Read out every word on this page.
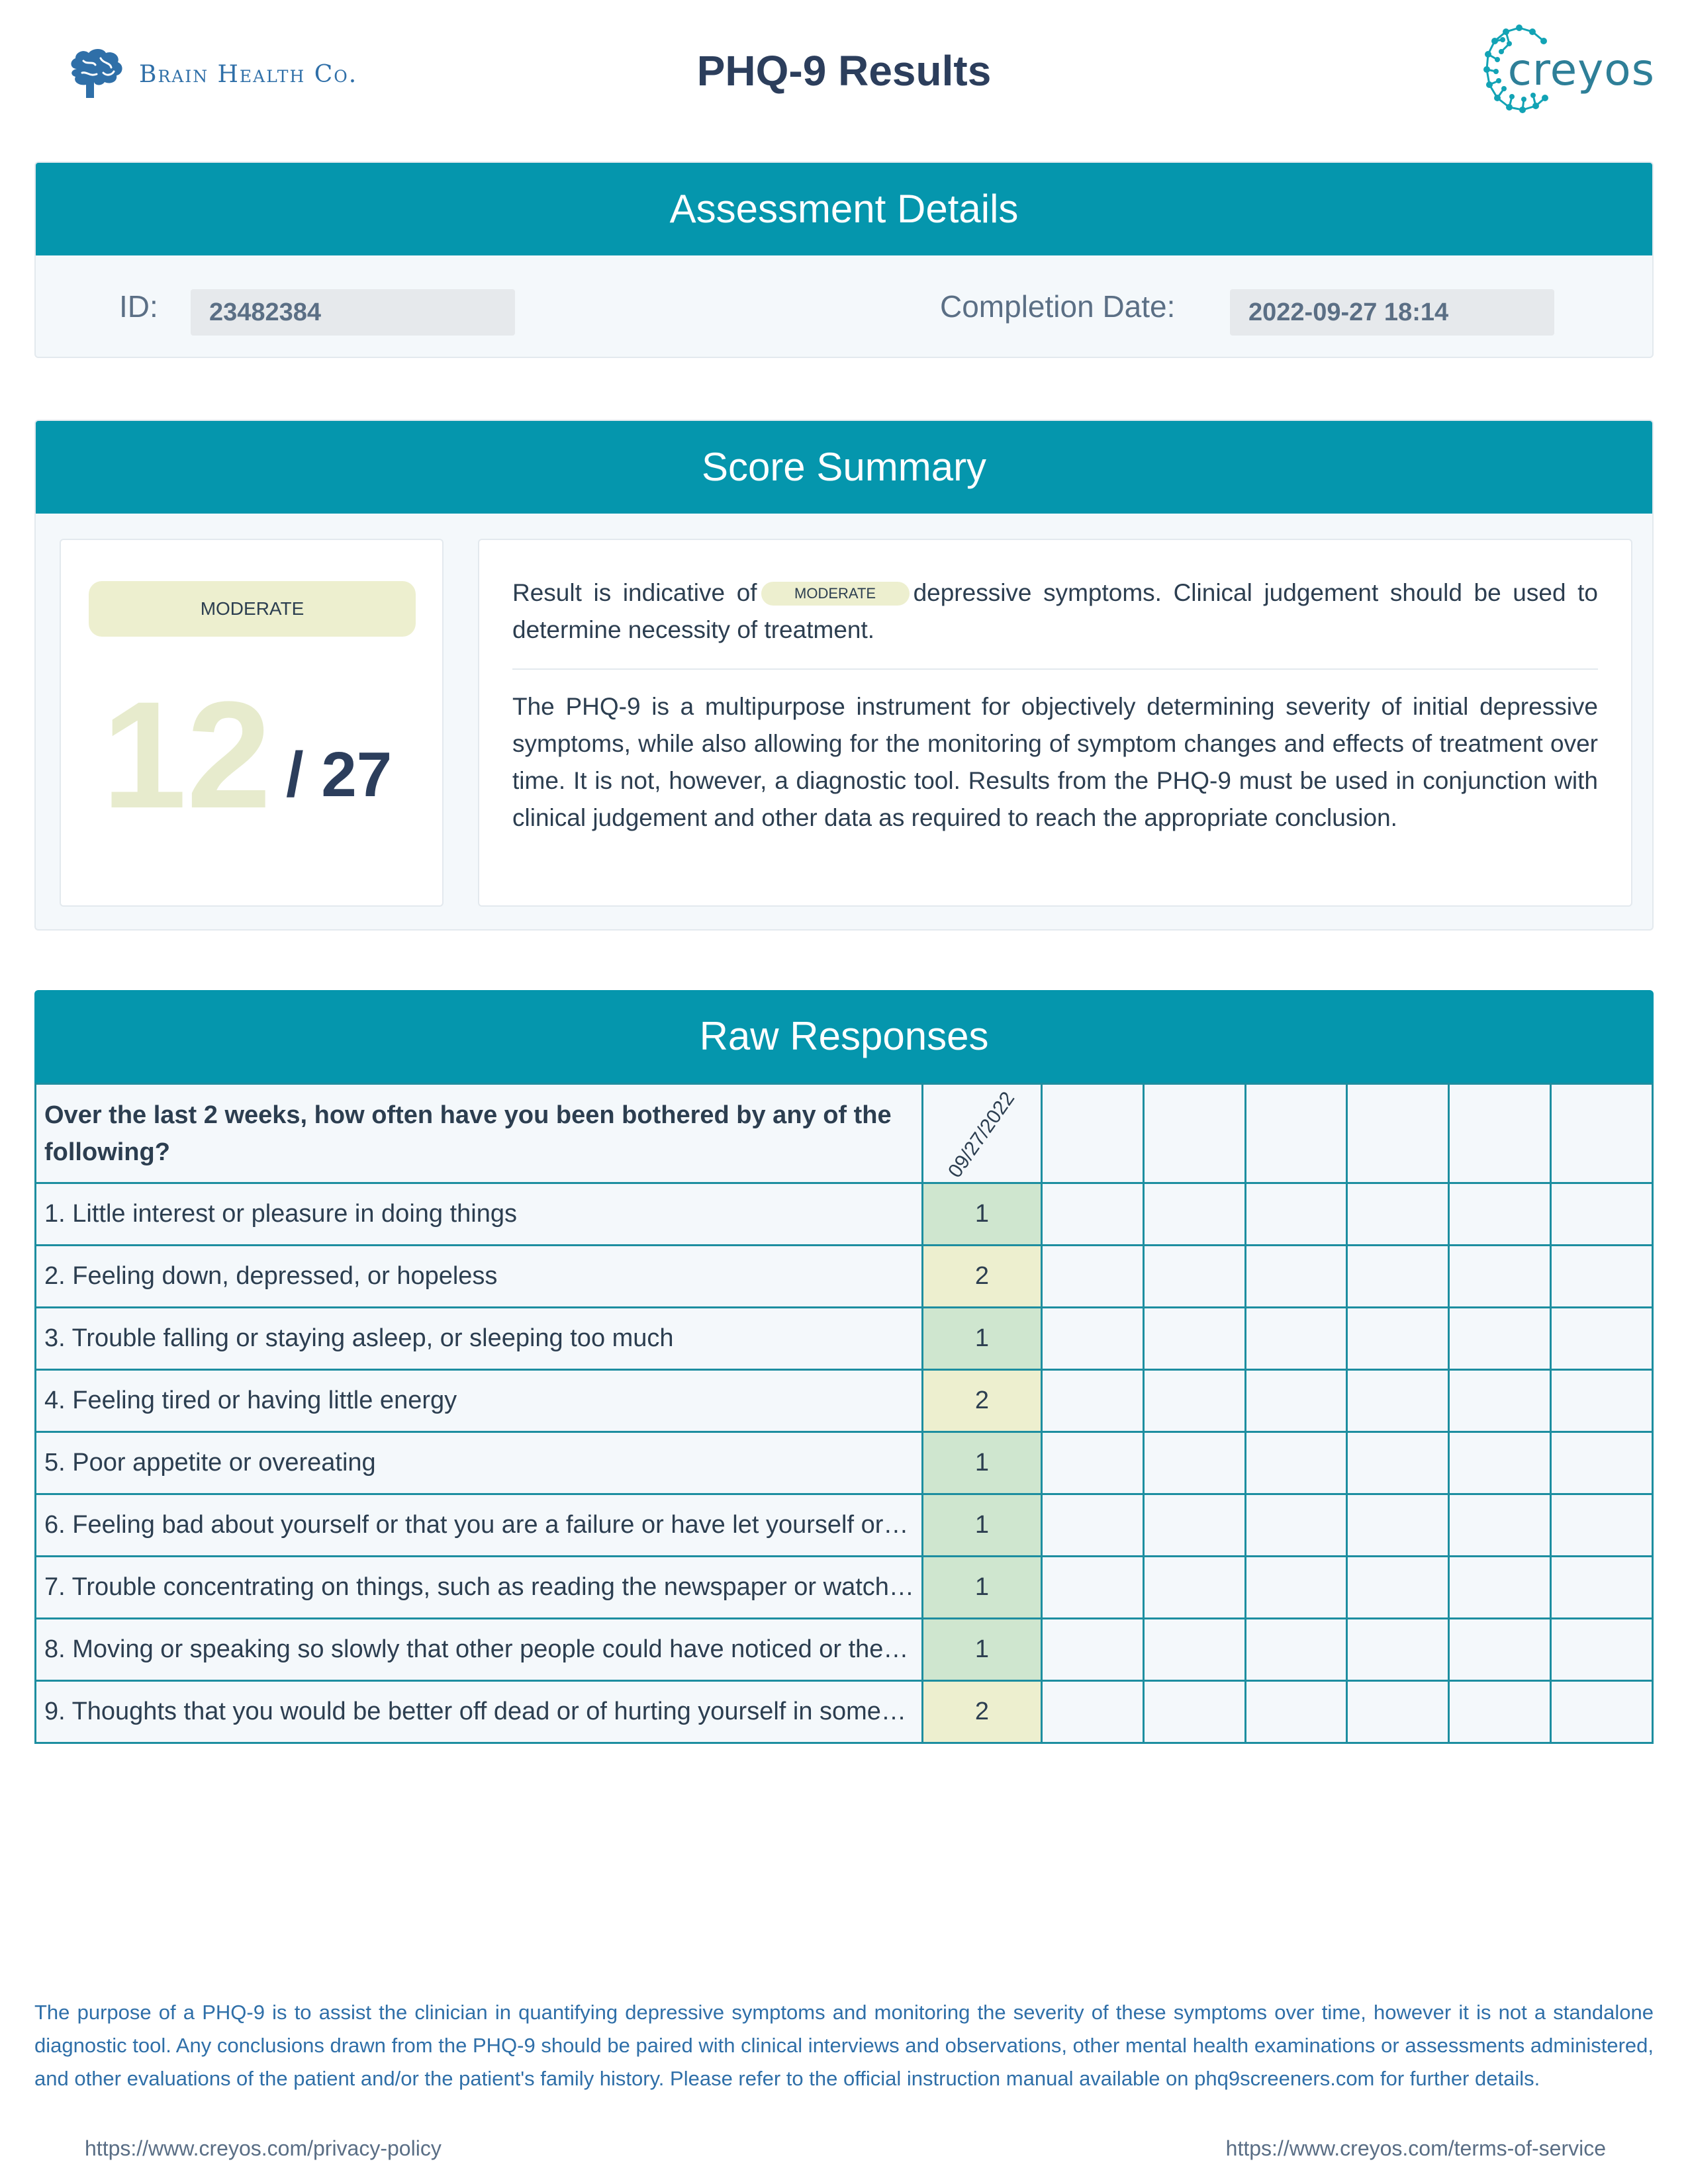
Brain Health Co.	PHQ-9 Results	creyos
Assessment Details
ID:	23482384	Completion Date:	2022-09-27 18:14
Score Summary
MODERATE
12 / 27

Result is indicative of	MODERATE depressive symptoms. Clinical judgement should be used to determine necessity of treatment.

The PHQ-9 is a multipurpose instrument for objectively determining severity of initial depressive symptoms, while also allowing for the monitoring of symptom changes and effects of treatment over time. It is not, however, a diagnostic tool. Results from the PHQ-9 must be used in conjunction with clinical judgement and other data as required to reach the appropriate conclusion.

Raw Responses
Over the last 2 weeks, how often have you been bothered by any of the following?	09/27/2022						
1. Little interest or pleasure in doing things	1						
2. Feeling down, depressed, or hopeless	2						
3. Trouble falling or staying asleep, or sleeping too much	1						
4. Feeling tired or having little energy	2						
5. Poor appetite or overeating	1						
6. Feeling bad about yourself or that you are a failure or have let yourself or…	1						
7. Trouble concentrating on things, such as reading the newspaper or watch…	1						
8. Moving or speaking so slowly that other people could have noticed or the…	1						
9. Thoughts that you would be better off dead or of hurting yourself in some…	2						

The purpose of a PHQ-9 is to assist the clinician in quantifying depressive symptoms and monitoring the severity of these symptoms over time, however it is not a standalone diagnostic tool. Any conclusions drawn from the PHQ-9 should be paired with clinical interviews and observations, other mental health examinations or assessments administered, and other evaluations of the patient and/or the patient's family history. Please refer to the official instruction manual available on phq9screeners.com for further details.

https://www.creyos.com/privacy-policy	https://www.creyos.com/terms-of-service
